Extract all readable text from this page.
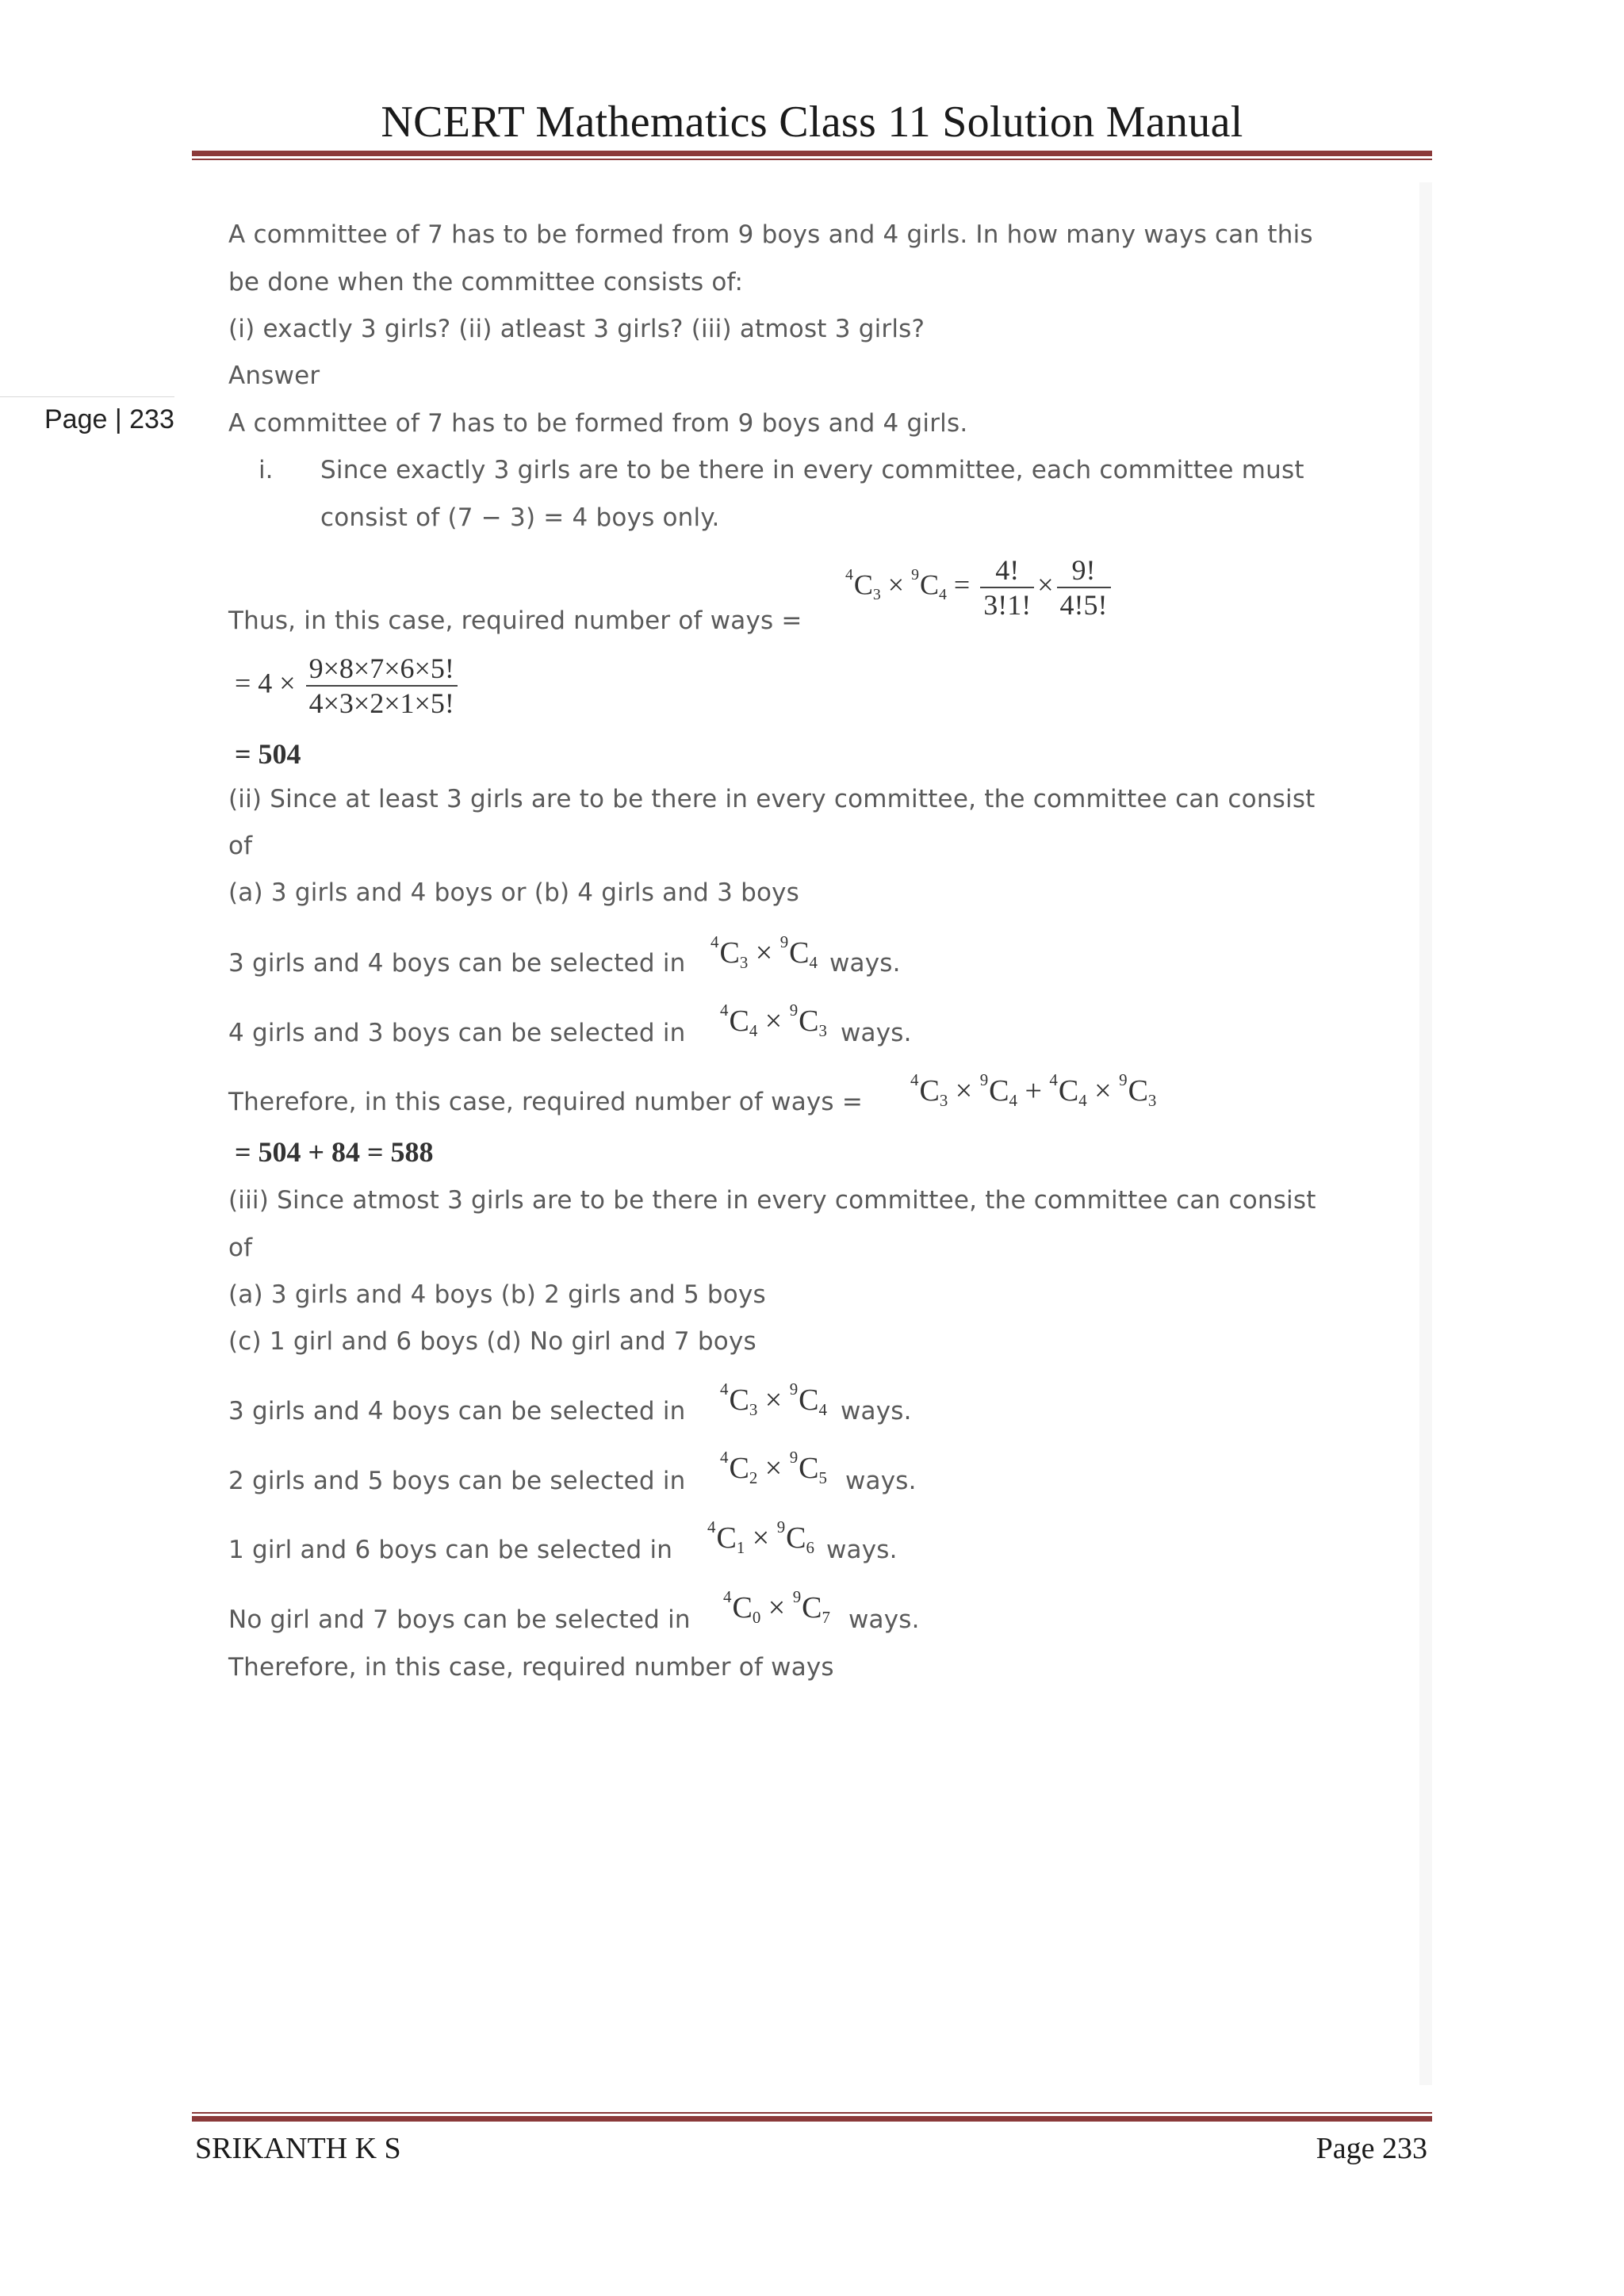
NCERT Mathematics Class 11 Solution Manual
Page | 233
A committee of 7 has to be formed from 9 boys and 4 girls. In how many ways can this
be done when the committee consists of:
(i) exactly 3 girls? (ii) atleast 3 girls? (iii) atmost 3 girls?
Answer
A committee of 7 has to be formed from 9 boys and 4 girls.
i. Since exactly 3 girls are to be there in every committee, each committee must
consist of (7 − 3) = 4 boys only.
Thus, in this case, required number of ways =
$^4C_3 \times ^9C_4 = \frac{4!}{3!1!} \times \frac{9!}{4!5!}$
= $4 \times \frac{9\times 8\times 7\times 6\times 5!}{4\times 3\times 2\times 1\times 5!}$
= 504
(ii) Since at least 3 girls are to be there in every committee, the committee can consist
of
(a) 3 girls and 4 boys or (b) 4 girls and 3 boys
3 girls and 4 boys can be selected in
$^4C_3 \times ^9C_4$ ways.
4 girls and 3 boys can be selected in
$^4C_4 \times ^9C_3$ ways.
Therefore, in this case, required number of ways =
$^4C_3 \times ^9C_4 + ^4C_4 \times ^9C_3$
= 504 + 84 = 588
(iii) Since atmost 3 girls are to be there in every committee, the committee can consist
of
(a) 3 girls and 4 boys (b) 2 girls and 5 boys
(c) 1 girl and 6 boys (d) No girl and 7 boys
3 girls and 4 boys can be selected in
$^4C_3 \times ^9C_4$ ways.
2 girls and 5 boys can be selected in
$^4C_2 \times ^9C_5$ ways.
1 girl and 6 boys can be selected in
$^4C_1 \times ^9C_6$ ways.
No girl and 7 boys can be selected in
$^4C_0 \times ^9C_7$ ways.
Therefore, in this case, required number of ways
SRIKANTH K S	Page 233
